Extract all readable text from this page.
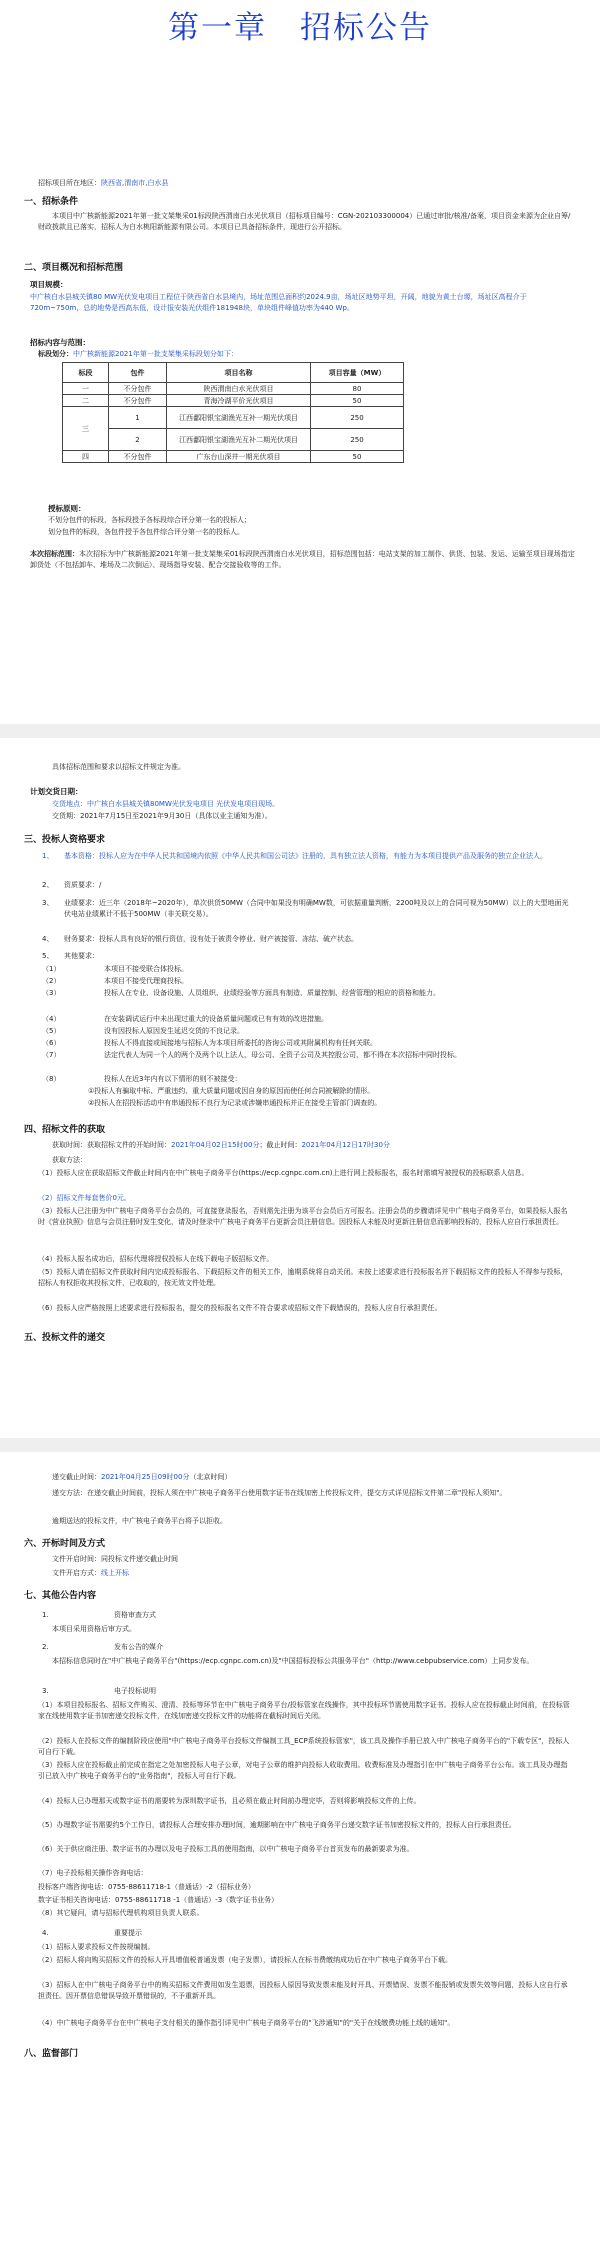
第一章　招标公告
招标项目所在地区：陕西省,渭南市,白水县
一、招标条件
本项目中广核新能源2021年第一批文架集采01标段陕西渭南白水光伏项目（招标项目编号：CGN-202103300004）已通过审批/核准/备案，项目资金来源为企业自筹/财政拨款且已落实，招标人为白水桃阳新能源有限公司。本项目已具备招标条件，现进行公开招标。
二、项目概况和招标范围
项目规模：
中广核白水县城关镇80 MW光伏发电项目工程位于陕西省白水县境内，场址范围总面积约2024.9亩，场址区地势平坦，开阔，地貌为黄土台塬，场址区高程介于720m~750m，总的地势是西高东低，设计报安装光伏组件181948块，单块组件峰值功率为440 Wp。
招标内容与范围：
标段划分：中广核新能源2021年第一批支架集采标段划分如下：
标段	包件	项目名称	项目容量（MW）
一	不分包件	陕西渭南白水光伏项目	80
二	不分包件	青海冷湖平价光伏项目	50
三	1	江西鄱阳银宝湖渔光互补一期光伏项目	250
	2	江西鄱阳银宝湖渔光互补二期光伏项目	250
四	不分包件	广东台山深井一期光伏项目	50
授标原则：
不划分包件的标段，各标段授予各标段综合评分第一名的投标人；
划分包件的标段，各包件授予各包件综合评分第一名的投标人。
本次招标范围：本次招标为中广核新能源2021年第一批支架集采01标段陕西渭南白水光伏项目，招标范围包括：电站支架的加工制作、供货、包装、发运、运输至项目现场指定卸货处（不包括卸车、堆场及二次倒运）、现场指导安装、配合交接验收等的工作。

具体招标范围和要求以招标文件规定为准。
计划交货日期：
交货地点：中广核白水县城关镇80MW光伏发电项目 光伏发电项目现场。
交货期：2021年7月15日至2021年9月30日（具体以业主通知为准）。
三、投标人资格要求
1、	基本资格：投标人应为在中华人民共和国境内依照《中华人民共和国公司法》注册的，具有独立法人资格，有能力为本项目提供产品及服务的独立企业法人。
2、	资质要求：/
3、	业绩要求：近三年（2018年~2020年），单次供货50MW（合同中如果没有明确MW数，可依据重量判断，2200吨及以上的合同可视为50MW）以上的大型地面光伏电站业绩累计不低于500MW（非关联交易）。
4、	财务要求：投标人具有良好的银行资信，没有处于被责令停业、财产被接管、冻结、破产状态。
5、	其他要求：
（1）	本项目不接受联合体投标。
（2）	本项目不接受代理商投标。
（3）	投标人在专业、设备设施、人员组织、业绩经验等方面具有制造、质量控制、经营管理的相应的资格和能力。
（4）	在安装调试运行中未出现过重大的设备质量问题或已有有效的改进措施。
（5）	没有因投标人原因发生延迟交货的不良记录。
（6）	投标人不得直接或间接地与招标人为本项目所委托的咨询公司或其附属机构有任何关联。
（7）	法定代表人为同一个人的两个及两个以上法人，母公司、全资子公司及其控股公司，都不得在本次招标中同时投标。
（8）	投标人在近3年内有以下情形的则不被接受：
①投标人有骗取中标、严重违约、重大质量问题或因自身的原因而使任何合同被解除的情形。
②投标人在招投标活动中有串通投标不良行为记录或涉嫌串通投标并正在接受主管部门调查的。
四、招标文件的获取
获取时间：获取招标文件的开始时间：2021年04月02日15时00分；截止时间：2021年04月12日17时30分
获取方法：
（1）投标人应在获取招标文件截止时间内在中广核电子商务平台(https://ecp.cgnpc.com.cn)上进行网上投标报名，报名时需填写被授权的投标联系人信息。
（2）招标文件每套售价0元。
（3）投标人已注册为中广核电子商务平台会员的，可直接登录报名，否则需先注册为该平台会员后方可报名。注册会员的步骤请详见中广核电子商务平台，如果投标人报名时《营业执照》信息与会员注册时发生变化，请及时登录中广核电子商务平台更新会员注册信息。因投标人未能及时更新注册信息而影响投标的，投标人应自行承担责任。
（4）投标人报名成功后，招标代理将授权投标人在线下载电子版招标文件。
（5）投标人请在招标文件获取时间内完成投标报名、下载招标文件的相关工作，逾期系统将自动关闭。未按上述要求进行投标报名并下载招标文件的投标人不得参与投标，招标人有权拒收其投标文件，已收取的，按无效文件处理。
（6）投标人应严格按照上述要求进行投标报名，提交的投标报名文件不符合要求或招标文件下载错误的，投标人应自行承担责任。
五、投标文件的递交
递交截止时间：2021年04月25日09时00分（北京时间）
递交方法：在递交截止时间前，投标人须在中广核电子商务平台使用数字证书在线加密上传投标文件，提交方式详见招标文件第二章"投标人须知"。
逾期送达的投标文件，中广核电子商务平台将予以拒收。
六、开标时间及方式
文件开启时间：同投标文件递交截止时间
文件开启方式：线上开标
七、其他公告内容
1.	资格审查方式
本项目采用资格后审方式。
2.	发布公告的媒介
本招标信息同时在"中广核电子商务平台"(https://ecp.cgnpc.com.cn)及"中国招标投标公共服务平台"（http://www.cebpubservice.com）上同步发布。
3.	电子投标说明
（1）本项目投标报名、招标文件购买、澄清、投标等环节在中广核电子商务平台/投标管家在线操作，其中投标环节需使用数字证书。投标人应在投标截止时间前，在投标管家在线使用数字证书加密递交投标文件，在线加密递交投标文件的功能将在截标时间后关闭。
（2）投标人在投标文件的编制阶段应使用"中广核电子商务平台投标文件编制工具_ECP系统投标管家"，该工具及操作手册已放入中广核电子商务平台的"下载专区"，投标人可自行下载。
（3）投标人应在投标截止前完成在指定之处加密投标人电子公章，对电子公章的维护向投标人收取费用。收费标准及办理指引在中广核电子商务平台公布。该工具及办理指引已放入中广核电子商务平台的"业务指南"，投标人可自行下载。
（4）投标人已办理那天或数字证书的需要转为深圳数字证书，且必须在截止时间前办理完毕，否则将影响投标文件的上传。
（5）办理数字证书需要约5个工作日，请投标人合理安排办理时间，逾期影响在中广核电子商务平台递交数字证书加密投标文件的，投标人自行承担责任。
（6）关于供应商注册、数字证书的办理以及电子投标工具的使用指南，以中广核电子商务平台首页发布的最新要求为准。
（7）电子投标相关操作咨询电话：
投标客户端咨询电话：0755-88611718-1（普通话）-2（招标业务）
数字证书相关咨询电话：0755-88611718 -1（普通话）-3（数字证书业务）
（8）其它疑问，请与招标代理机构项目负责人联系。
4.	重要提示
（1）招标人要求投标文件按规编制。
（2）招标人将向购买招标文件的投标人开具增值税普通发票（电子发票），请投标人在标书费缴纳成功后在中广核电子商务平台下载。
（3）招标人在中广核电子商务平台中的购买招标文件费用如发生退票，因投标人原因导致发票未能及时开具、开票错误、发票不能报销或发票失效等问题，投标人应自行承担责任。因开票信息错误导致开票错误的，不予重新开具。
（4）中广核电子商务平台在中广核电子支付相关的操作指引详见中广核电子商务平台的"飞涉通知"的"关于在线缴费功能上线的通知"。
八、监督部门
